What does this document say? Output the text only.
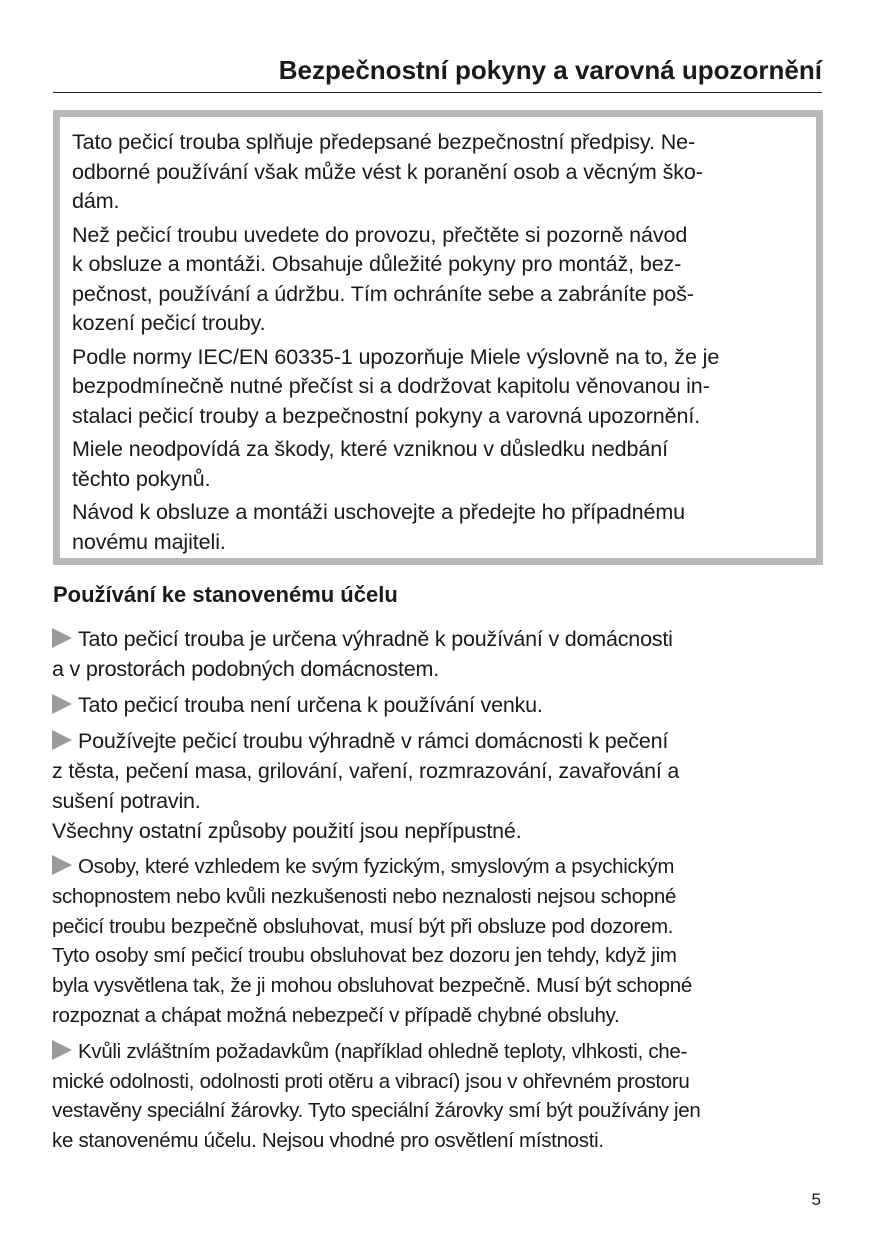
Bezpečnostní pokyny a varovná upozornění
Tato pečicí trouba splňuje předepsané bezpečnostní předpisy. Ne-
odborné používání však může vést k poranění osob a věcným ško-
dám.
Než pečicí troubu uvedete do provozu, přečtěte si pozorně návod
k obsluze a montáži. Obsahuje důležité pokyny pro montáž, bez-
pečnost, používání a údržbu. Tím ochráníte sebe a zabráníte poš-
kození pečicí trouby.
Podle normy IEC/EN 60335-1 upozorňuje Miele výslovně na to, že je
bezpodmínečně nutné přečíst si a dodržovat kapitolu věnovanou in-
stalaci pečicí trouby a bezpečnostní pokyny a varovná upozornění.
Miele neodpovídá za škody, které vzniknou v důsledku nedbání
těchto pokynů.
Návod k obsluze a montáži uschovejte a předejte ho případnému
novému majiteli.
Používání ke stanovenému účelu
Tato pečicí trouba je určena výhradně k používání v domácnosti
a v prostorách podobných domácnostem.
Tato pečicí trouba není určena k používání venku.
Používejte pečicí troubu výhradně v rámci domácnosti k pečení
z těsta, pečení masa, grilování, vaření, rozmrazování, zavařování a
sušení potravin.
Všechny ostatní způsoby použití jsou nepřípustné.
Osoby, které vzhledem ke svým fyzickým, smyslovým a psychickým
schopnostem nebo kvůli nezkušenosti nebo neznalosti nejsou schopné
pečicí troubu bezpečně obsluhovat, musí být při obsluze pod dozorem.
Tyto osoby smí pečicí troubu obsluhovat bez dozoru jen tehdy, když jim
byla vysvětlena tak, že ji mohou obsluhovat bezpečně. Musí být schopné
rozpoznat a chápat možná nebezpečí v případě chybné obsluhy.
Kvůli zvláštním požadavkům (například ohledně teploty, vlhkosti, che-
mické odolnosti, odolnosti proti otěru a vibrací) jsou v ohřevném prostoru
vestavěny speciální žárovky. Tyto speciální žárovky smí být používány jen
ke stanovenému účelu. Nejsou vhodné pro osvětlení místnosti.
5
